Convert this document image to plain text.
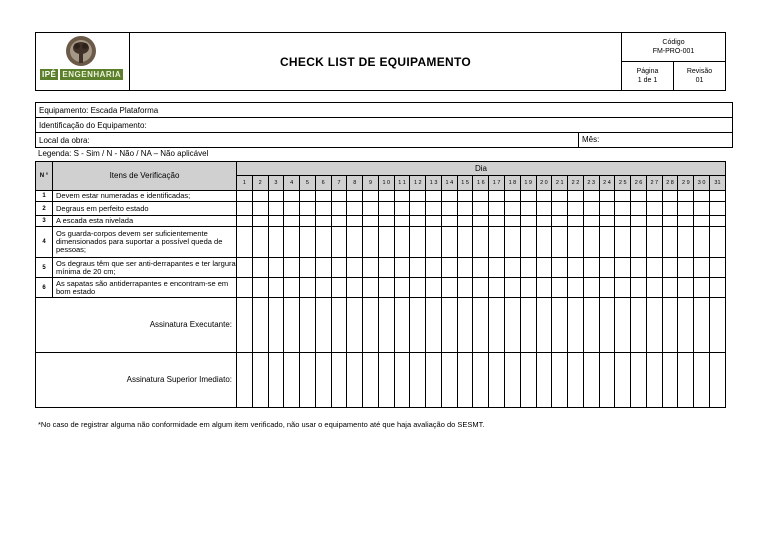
IPÊ ENGENHARIA
CHECK LIST DE EQUIPAMENTO
Código
FM-PRO-001
Página
1 de 1
Revisão
01
Equipamento: Escada Plataforma
Identificação do Equipamento:
Local da obra:	Mês:
Legenda: S - Sim / N - Não / NA – Não aplicável
N °	Itens de Verificação	Dia																														
		1	2	3	4	5	6	7	8	9	1 0	1 1	1 2	1 3	1 4	1 5	1 6	1 7	1 8	1 9	2 0	2 1	2 2	2 3	2 4	2 5	2 6	2 7	2 8	2 9	3 0	31
1	Devem estar numeradas e identificadas;																															
2	Degraus em perfeito estado																															
3	A escada esta nivelada																															
4	Os guarda-corpos devem ser suficientemente dimensionados para suportar a possível queda de pessoas;																															
5	Os degraus têm que ser anti-derrapantes e ter largura mínima de 20 cm;																															
6	As sapatas são antiderrapantes e encontram-se em bom estado																															
Assinatura Executante:																																
Assinatura Superior Imediato:																																
*No caso de registrar alguma não conformidade em algum item verificado, não usar o equipamento até que haja avaliação do SESMT.
